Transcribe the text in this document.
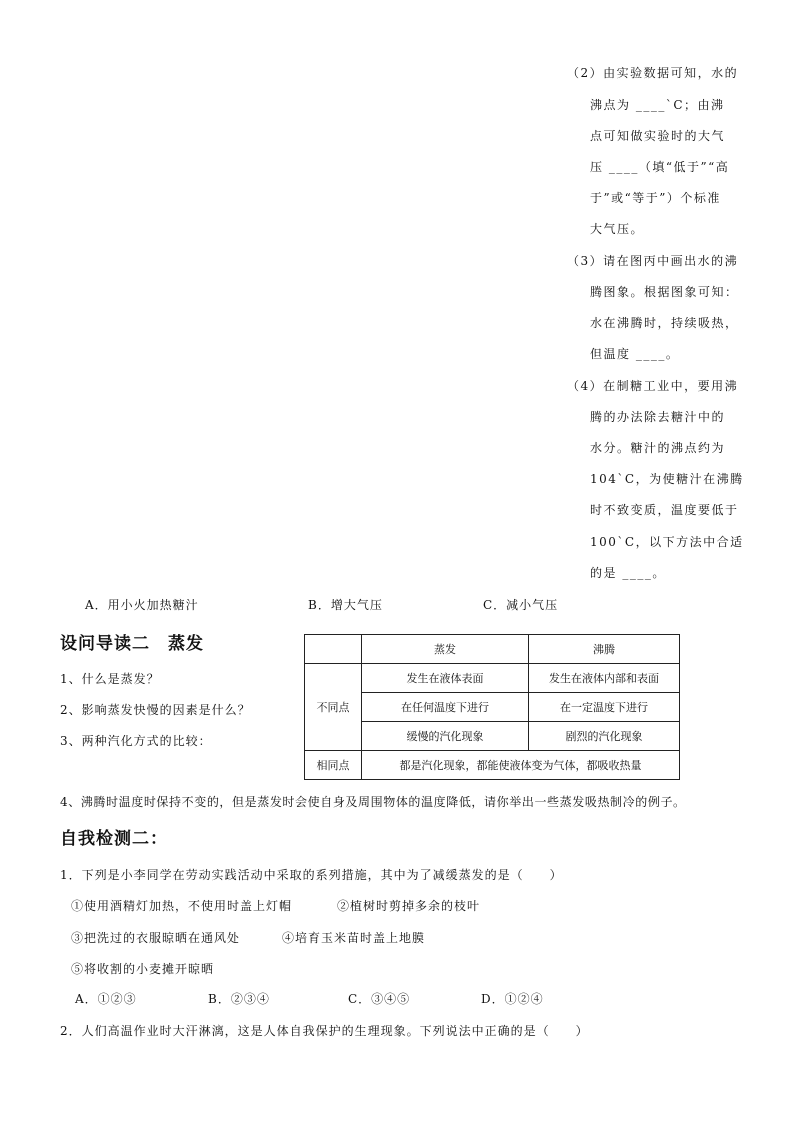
（2）由实验数据可知，水的
沸点为 ____`C；由沸
点可知做实验时的大气
压 ____（填“低于”“高
于”或“等于”）个标准
大气压。
（3）请在图丙中画出水的沸
腾图象。根据图象可知：
水在沸腾时，持续吸热，
但温度 ____。
（4）在制糖工业中，要用沸
腾的办法除去糖汁中的
水分。糖汁的沸点约为
104`C，为使糖汁在沸腾
时不致变质，温度要低于
100`C，以下方法中合适
的是 ____。
A．用小火加热糖汁	B．增大气压	C．减小气压
设问导读二　蒸发
1、什么是蒸发？
2、影响蒸发快慢的因素是什么？
3、两种汽化方式的比较：
	蒸发	沸腾
不同点	发生在液体表面	发生在液体内部和表面
	在任何温度下进行	在一定温度下进行
	缓慢的汽化现象	剧烈的汽化现象
相同点	都是汽化现象，都能使液体变为气体，都吸收热量	
4、沸腾时温度时保持不变的，但是蒸发时会使自身及周围物体的温度降低，请你举出一些蒸发吸热制冷的例子。
自我检测二：
1．下列是小李同学在劳动实践活动中采取的系列措施，其中为了减缓蒸发的是（　　）
①使用酒精灯加热，不使用时盖上灯帽	②植树时剪掉多余的枝叶
③把洗过的衣服晾晒在通风处	④培育玉米苗时盖上地膜
⑤将收割的小麦摊开晾晒
A．①②③	B．②③④	C．③④⑤	D．①②④
2．人们高温作业时大汗淋漓，这是人体自我保护的生理现象。下列说法中正确的是（　　）
